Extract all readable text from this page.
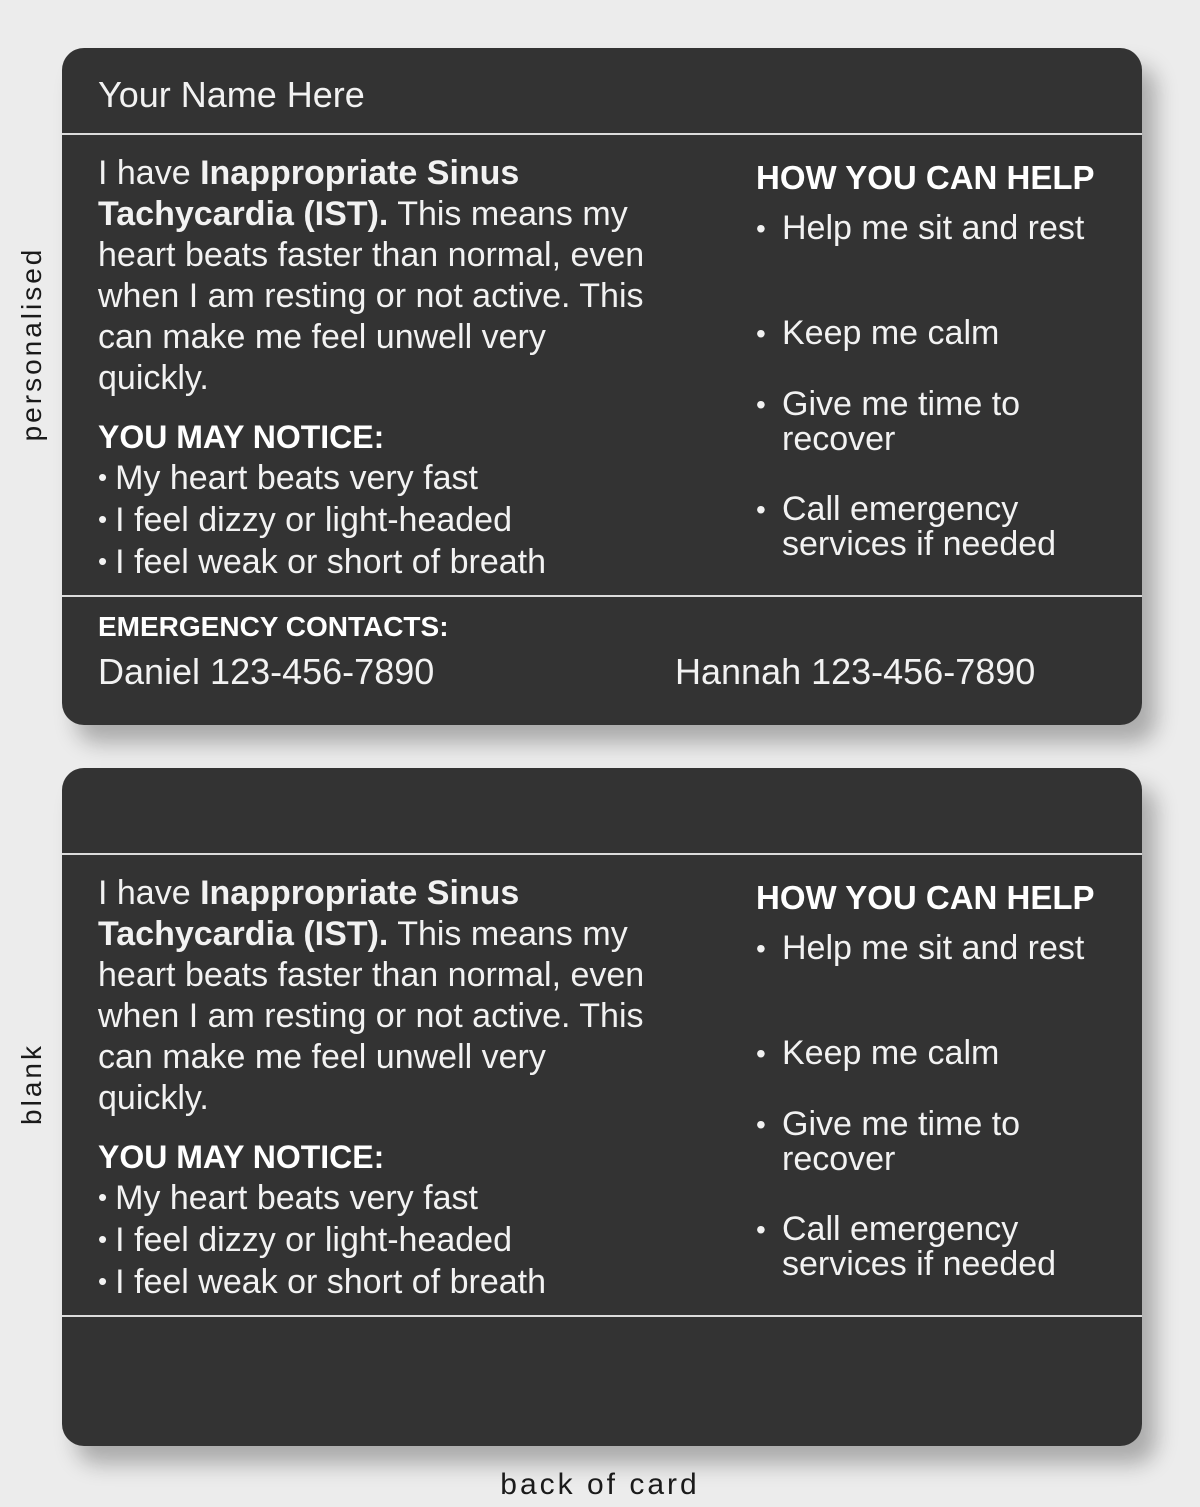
personalised
blank
Your Name Here

I have Inappropriate Sinus Tachycardia (IST). This means my heart beats faster than normal, even when I am resting or not active. This can make me feel unwell very quickly.

YOU MAY NOTICE:
• My heart beats very fast
• I feel dizzy or light-headed
• I feel weak or short of breath
HOW YOU CAN HELP
• Help me sit and rest
• Keep me calm
• Give me time to recover
• Call emergency services if needed
EMERGENCY CONTACTS:
Daniel 123-456-7890	Hannah 123-456-7890

I have Inappropriate Sinus Tachycardia (IST). This means my heart beats faster than normal, even when I am resting or not active. This can make me feel unwell very quickly.

YOU MAY NOTICE:
• My heart beats very fast
• I feel dizzy or light-headed
• I feel weak or short of breath
HOW YOU CAN HELP
• Help me sit and rest
• Keep me calm
• Give me time to recover
• Call emergency services if needed
back of card
